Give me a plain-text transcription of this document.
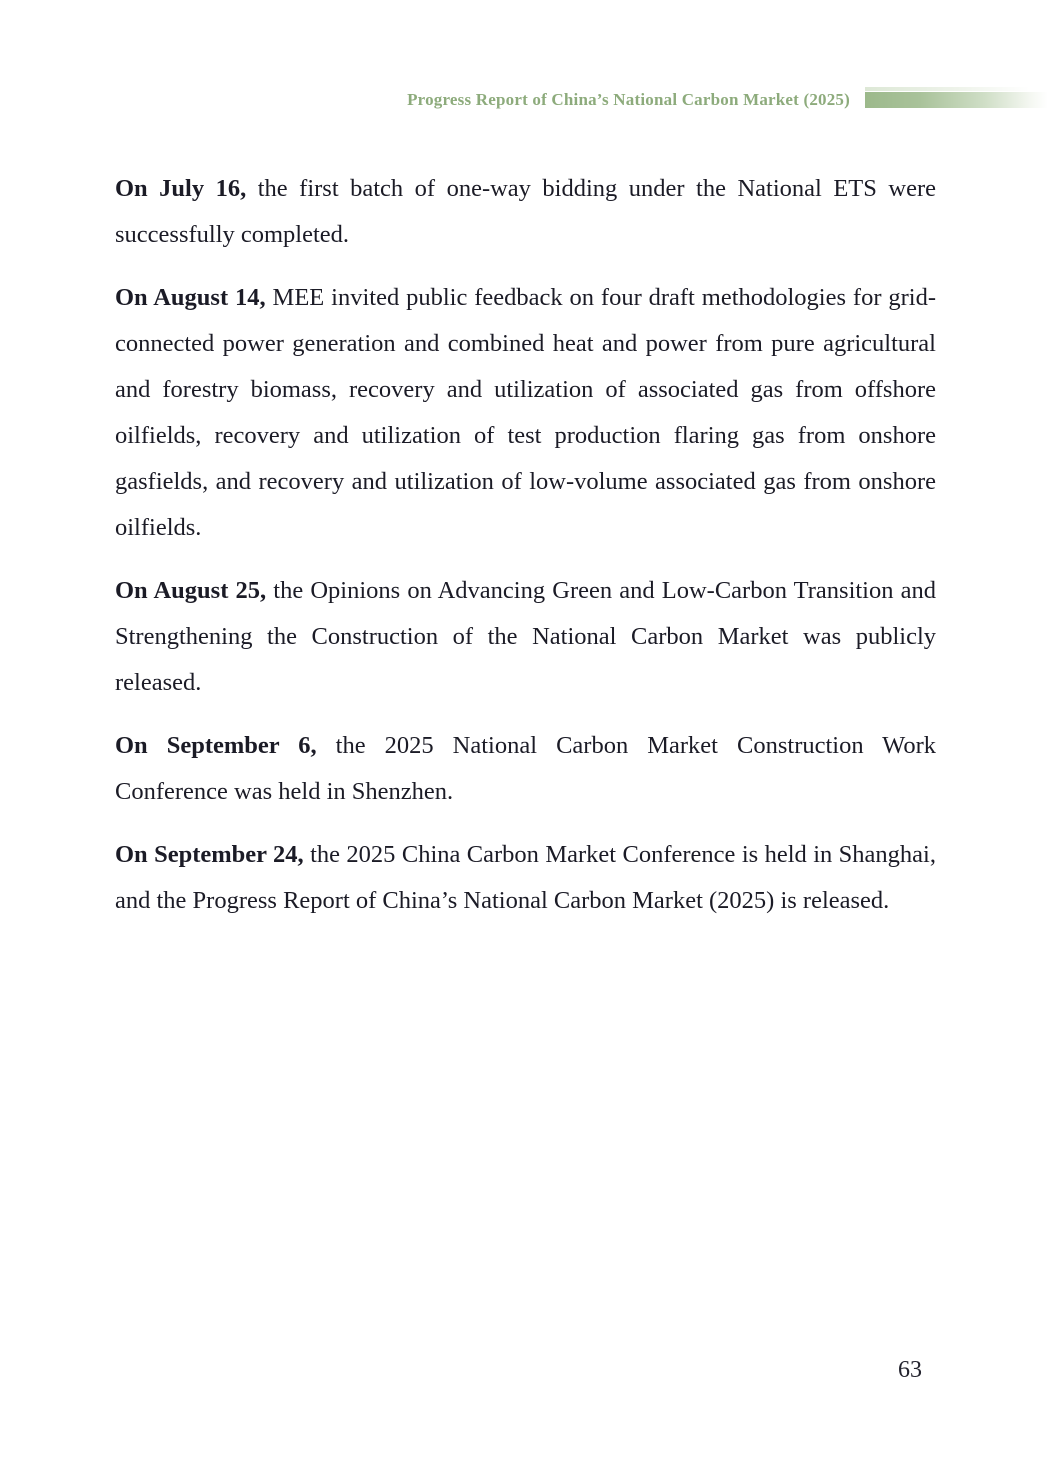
Progress Report of China’s National Carbon Market (2025)

On July 16, the first batch of one-way bidding under the National ETS were successfully completed.

On August 14, MEE invited public feedback on four draft methodologies for grid-connected power generation and combined heat and power from pure agricultural and forestry biomass, recovery and utilization of associated gas from offshore oilfields, recovery and utilization of test production flaring gas from onshore gasfields, and recovery and utilization of low-volume associated gas from onshore oilfields.

On August 25, the Opinions on Advancing Green and Low-Carbon Transition and Strengthening the Construction of the National Carbon Market was publicly released.

On September 6, the 2025 National Carbon Market Construction Work Conference was held in Shenzhen.

On September 24, the 2025 China Carbon Market Conference is held in Shanghai, and the Progress Report of China’s National Carbon Market (2025) is released.

63
